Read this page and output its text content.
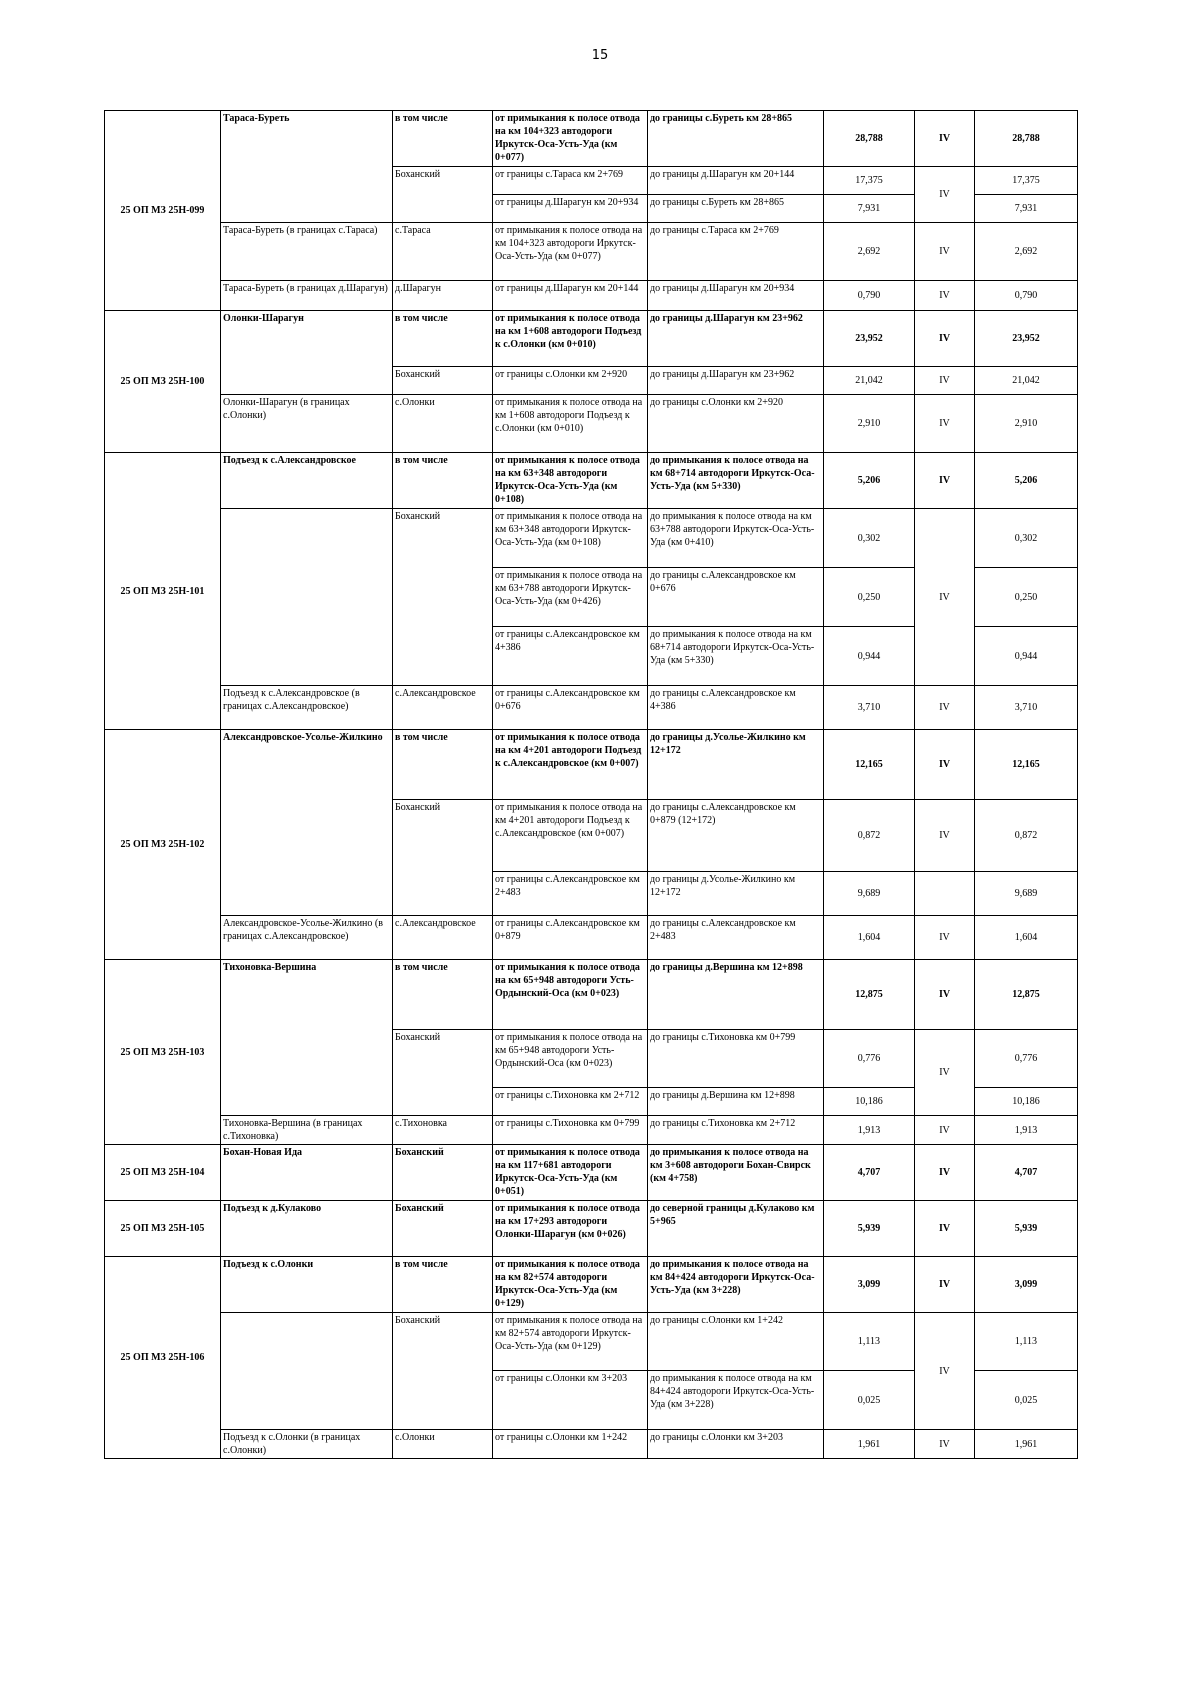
15
25 ОП МЗ 25Н-099	Тараса-Буреть	в том числе	от примыкания к полосе отвода на км 104+323 автодороги Иркутск-Оса-Усть-Уда (км 0+077)	до границы с.Буреть км 28+865	28,788	IV	28,788
		Боханский	от границы с.Тараса км 2+769	до границы д.Шарагун км 20+144	17,375	IV	17,375
			от границы д.Шарагун км 20+934	до границы с.Буреть км 28+865	7,931		7,931
	Тараса-Буреть (в границах с.Тараса)	с.Тараса	от примыкания к полосе отвода на км 104+323 автодороги Иркутск-Оса-Усть-Уда (км 0+077)	до границы с.Тараса км 2+769	2,692	IV	2,692
	Тараса-Буреть (в границах д.Шарагун)	д.Шарагун	от границы д.Шарагун км 20+144	до границы д.Шарагун км 20+934	0,790	IV	0,790
25 ОП МЗ 25Н-100	Олонки-Шарагун	в том числе	от примыкания к полосе отвода на км 1+608 автодороги Подъезд к с.Олонки (км 0+010)	до границы д.Шарагун км 23+962	23,952	IV	23,952
		Боханский	от границы с.Олонки км 2+920	до границы д.Шарагун км 23+962	21,042	IV	21,042
	Олонки-Шарагун (в границах с.Олонки)	с.Олонки	от примыкания к полосе отвода на км 1+608 автодороги Подъезд к с.Олонки (км 0+010)	до границы с.Олонки км 2+920	2,910	IV	2,910
25 ОП МЗ 25Н-101	Подъезд к с.Александровское	в том числе	от примыкания к полосе отвода на км 63+348 автодороги Иркутск-Оса-Усть-Уда (км 0+108)	до примыкания к полосе отвода на км 68+714 автодороги Иркутск-Оса-Усть-Уда (км 5+330)	5,206	IV	5,206
		Боханский	от примыкания к полосе отвода на км 63+348 автодороги Иркутск-Оса-Усть-Уда (км 0+108)	до примыкания к полосе отвода на км 63+788 автодороги Иркутск-Оса-Усть-Уда (км 0+410)	0,302	IV	0,302
			от примыкания к полосе отвода на км 63+788 автодороги Иркутск-Оса-Усть-Уда (км 0+426)	до границы с.Александровское км 0+676	0,250		0,250
			от границы с.Александровское км 4+386	до примыкания к полосе отвода на км 68+714 автодороги Иркутск-Оса-Усть-Уда (км 5+330)	0,944		0,944
	Подъезд к с.Александровское (в границах с.Александровское)	с.Александровское	от границы с.Александровское км 0+676	до границы с.Александровское км 4+386	3,710	IV	3,710
25 ОП МЗ 25Н-102	Александровское-Усолье-Жилкино	в том числе	от примыкания к полосе отвода на км 4+201 автодороги Подъезд к с.Александровское (км 0+007)	до границы д.Усолье-Жилкино км 12+172	12,165	IV	12,165
		Боханский	от примыкания к полосе отвода на км 4+201 автодороги Подъезд к с.Александровское (км 0+007)	до границы с.Александровское км 0+879 (12+172)	0,872	IV	0,872
			от границы с.Александровское км 2+483	до границы д.Усолье-Жилкино км 12+172	9,689		9,689
	Александровское-Усолье-Жилкино (в границах с.Александровское)	с.Александровское	от границы с.Александровское км 0+879	до границы с.Александровское км 2+483	1,604	IV	1,604
25 ОП МЗ 25Н-103	Тихоновка-Вершина	в том числе	от примыкания к полосе отвода на км 65+948 автодороги Усть-Ордынский-Оса (км 0+023)	до границы д.Вершина км 12+898	12,875	IV	12,875
		Боханский	от примыкания к полосе отвода на км 65+948 автодороги Усть-Ордынский-Оса (км 0+023)	до границы с.Тихоновка км 0+799	0,776	IV	0,776
			от границы с.Тихоновка км 2+712	до границы д.Вершина км 12+898	10,186		10,186
	Тихоновка-Вершина (в границах с.Тихоновка)	с.Тихоновка	от границы с.Тихоновка км 0+799	до границы с.Тихоновка км 2+712	1,913	IV	1,913
25 ОП МЗ 25Н-104	Бохан-Новая Ида	Боханский	от примыкания к полосе отвода на км 117+681 автодороги Иркутск-Оса-Усть-Уда (км 0+051)	до примыкания к полосе отвода на км 3+608 автодороги Бохан-Свирск (км 4+758)	4,707	IV	4,707
25 ОП МЗ 25Н-105	Подъезд к д.Кулаково	Боханский	от примыкания к полосе отвода на км 17+293 автодороги Олонки-Шарагун (км 0+026)	до северной границы д.Кулаково км 5+965	5,939	IV	5,939
25 ОП МЗ 25Н-106	Подъезд к с.Олонки	в том числе	от примыкания к полосе отвода на км 82+574 автодороги Иркутск-Оса-Усть-Уда (км 0+129)	до примыкания к полосе отвода на км 84+424 автодороги Иркутск-Оса-Усть-Уда (км 3+228)	3,099	IV	3,099
		Боханский	от примыкания к полосе отвода на км 82+574 автодороги Иркутск-Оса-Усть-Уда (км 0+129)	до границы с.Олонки км 1+242	1,113	IV	1,113
			от границы с.Олонки км 3+203	до примыкания к полосе отвода на км 84+424 автодороги Иркутск-Оса-Усть-Уда (км 3+228)	0,025		0,025
	Подъезд к с.Олонки (в границах с.Олонки)	с.Олонки	от границы с.Олонки км 1+242	до границы с.Олонки км 3+203	1,961	IV	1,961
